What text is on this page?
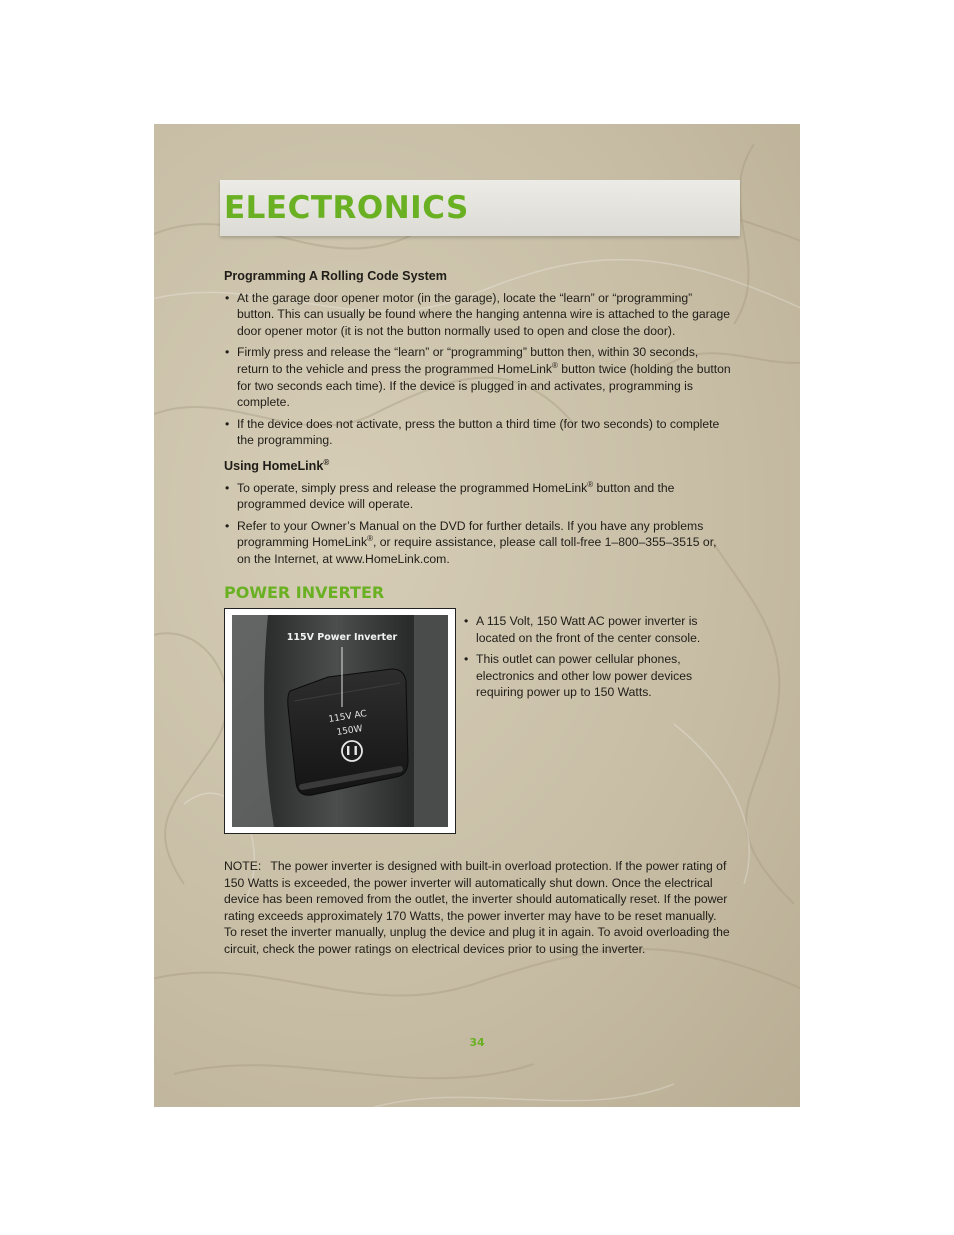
ELECTRONICS

Programming A Rolling Code System

• At the garage door opener motor (in the garage), locate the “learn” or “programming” button. This can usually be found where the hanging antenna wire is attached to the garage door opener motor (it is not the button normally used to open and close the door).
• Firmly press and release the “learn” or “programming” button then, within 30 seconds, return to the vehicle and press the programmed HomeLink® button twice (holding the button for two seconds each time). If the device is plugged in and activates, programming is complete.
• If the device does not activate, press the button a third time (for two seconds) to complete the programming.

Using HomeLink®

• To operate, simply press and release the programmed HomeLink® button and the programmed device will operate.
• Refer to your Owner’s Manual on the DVD for further details. If you have any problems programming HomeLink®, or require assistance, please call toll-free 1–800–355–3515 or, on the Internet, at www.HomeLink.com.
POWER INVERTER
115V Power Inverter
115V AC
150W
• A 115 Volt, 150 Watt AC power inverter is located on the front of the center console.
• This outlet can power cellular phones, electronics and other low power devices requiring power up to 150 Watts.
NOTE: The power inverter is designed with built-in overload protection. If the power rating of 150 Watts is exceeded, the power inverter will automatically shut down. Once the electrical device has been removed from the outlet, the inverter should automatically reset. If the power rating exceeds approximately 170 Watts, the power inverter may have to be reset manually. To reset the inverter manually, unplug the device and plug it in again. To avoid overloading the circuit, check the power ratings on electrical devices prior to using the inverter.
34
